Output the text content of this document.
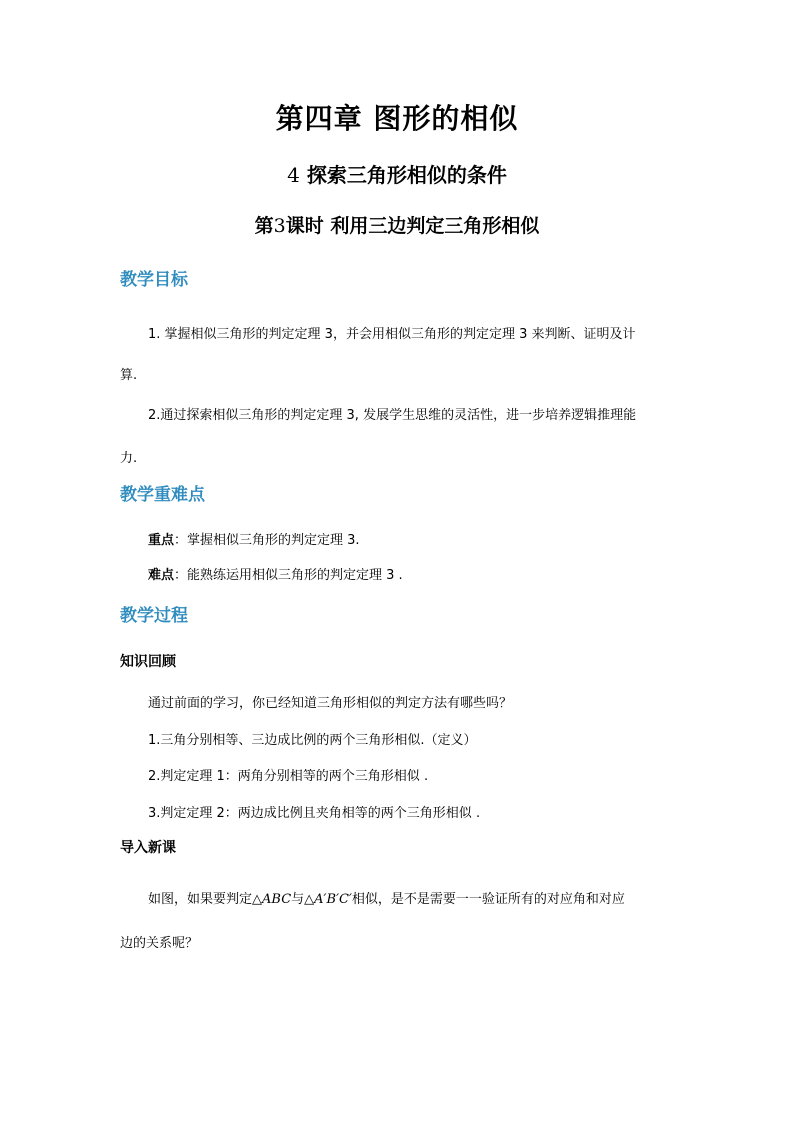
第四章 图形的相似
4 探索三角形相似的条件
第3课时 利用三边判定三角形相似
教学目标
1. 掌握相似三角形的判定定理 3，并会用相似三角形的判定定理 3 来判断、证明及计
算.
2.通过探索相似三角形的判定定理 3, 发展学生思维的灵活性，进一步培养逻辑推理能
力.
教学重难点
重点：掌握相似三角形的判定定理 3.
难点：能熟练运用相似三角形的判定定理 3 .
教学过程
知识回顾
通过前面的学习，你已经知道三角形相似的判定方法有哪些吗？
1.三角分别相等、三边成比例的两个三角形相似.（定义）
2.判定定理 1：两角分别相等的两个三角形相似 .
3.判定定理 2：两边成比例且夹角相等的两个三角形相似 .
导入新课
如图，如果要判定△ABC与△A′B′C′相似，是不是需要一一验证所有的对应角和对应
边的关系呢？
